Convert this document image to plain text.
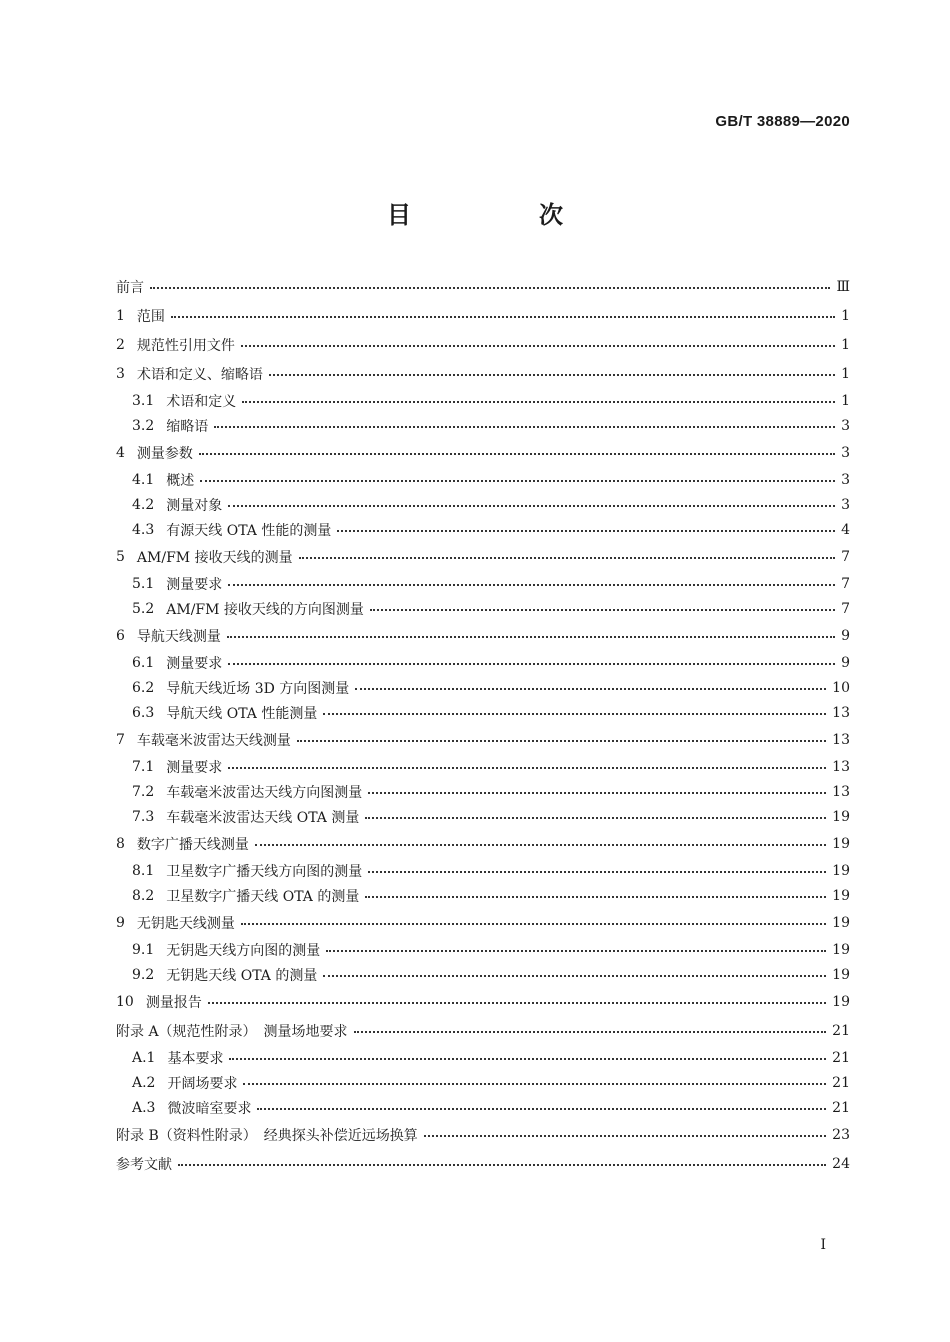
GB/T 38889—2020
目　次
前言	Ⅲ
1 范围	1
2 规范性引用文件	1
3 术语和定义、缩略语	1
3.1 术语和定义	1
3.2 缩略语	3
4 测量参数	3
4.1 概述	3
4.2 测量对象	3
4.3 有源天线 OTA 性能的测量	4
5 AM/FM 接收天线的测量	7
5.1 测量要求	7
5.2 AM/FM 接收天线的方向图测量	7
6 导航天线测量	9
6.1 测量要求	9
6.2 导航天线近场 3D 方向图测量	10
6.3 导航天线 OTA 性能测量	13
7 车载毫米波雷达天线测量	13
7.1 测量要求	13
7.2 车载毫米波雷达天线方向图测量	13
7.3 车载毫米波雷达天线 OTA 测量	19
8 数字广播天线测量	19
8.1 卫星数字广播天线方向图的测量	19
8.2 卫星数字广播天线 OTA 的测量	19
9 无钥匙天线测量	19
9.1 无钥匙天线方向图的测量	19
9.2 无钥匙天线 OTA 的测量	19
10 测量报告	19
附录 A（规范性附录）　测量场地要求	21
A.1 基本要求	21
A.2 开阔场要求	21
A.3 微波暗室要求	21
附录 B（资料性附录）　经典探头补偿近远场换算	23
参考文献	24
Ⅰ
